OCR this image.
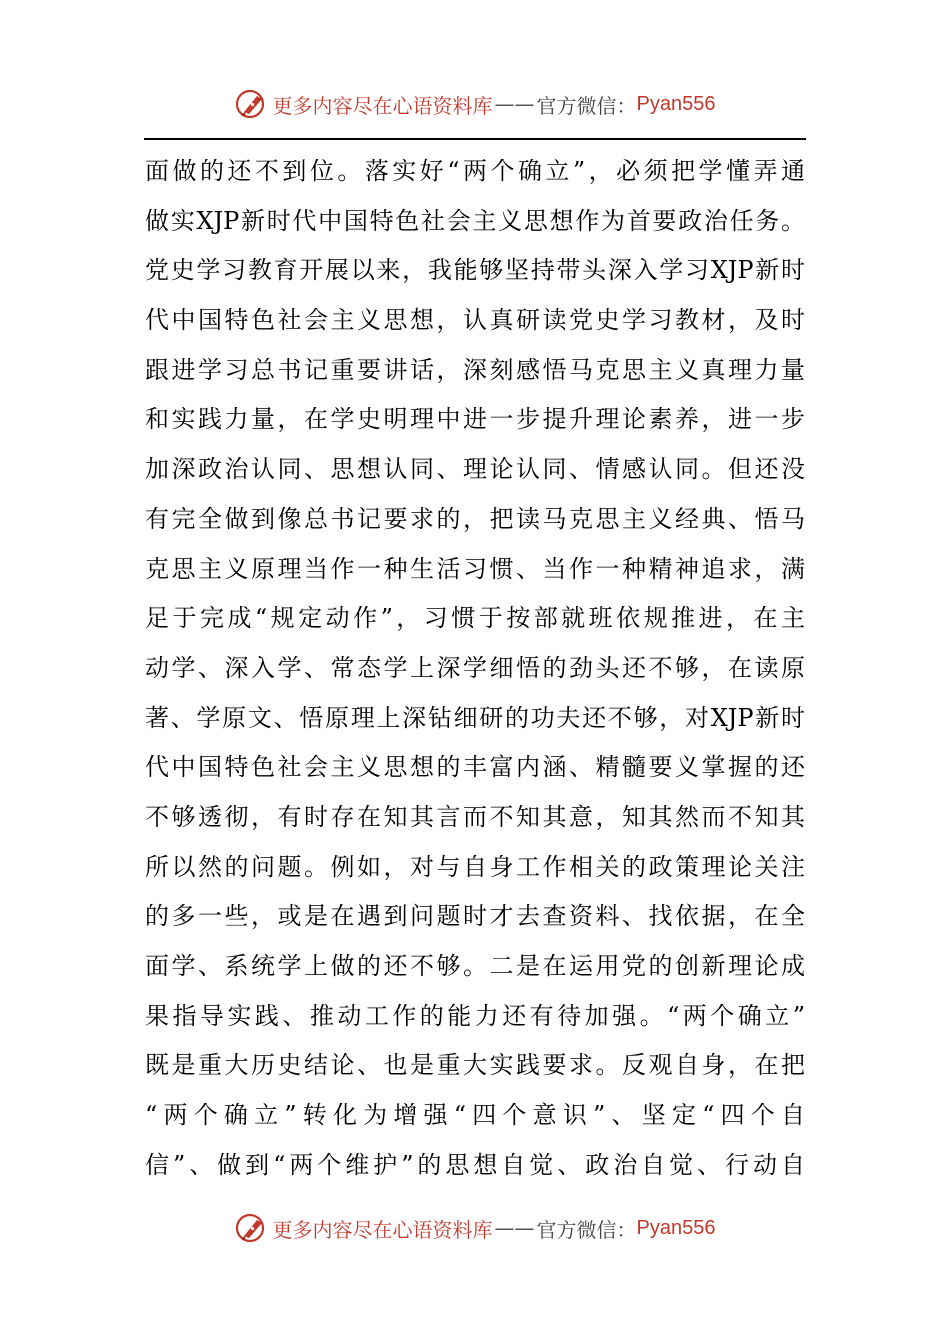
更多内容尽在心语资料库 —— 官方微信： Pyan556
面做的还不到位。落实好“两个确立”，必须把学懂弄通
做实XJP新时代中国特色社会主义思想作为首要政治任务。
党史学习教育开展以来，我能够坚持带头深入学习XJP新时
代中国特色社会主义思想，认真研读党史学习教材，及时
跟进学习总书记重要讲话，深刻感悟马克思主义真理力量
和实践力量，在学史明理中进一步提升理论素养，进一步
加深政治认同、思想认同、理论认同、情感认同。但还没
有完全做到像总书记要求的，把读马克思主义经典、悟马
克思主义原理当作一种生活习惯、当作一种精神追求，满
足于完成“规定动作”，习惯于按部就班依规推进，在主
动学、深入学、常态学上深学细悟的劲头还不够，在读原
著、学原文、悟原理上深钻细研的功夫还不够，对XJP新时
代中国特色社会主义思想的丰富内涵、精髓要义掌握的还
不够透彻，有时存在知其言而不知其意，知其然而不知其
所以然的问题。例如，对与自身工作相关的政策理论关注
的多一些，或是在遇到问题时才去查资料、找依据，在全
面学、系统学上做的还不够。二是在运用党的创新理论成
果指导实践、推动工作的能力还有待加强。“两个确立”
既是重大历史结论、也是重大实践要求。反观自身，在把
“两个确立”转化为增强“四个意识”、坚定“四个自
信”、做到“两个维护”的思想自觉、政治自觉、行动自
更多内容尽在心语资料库 —— 官方微信： Pyan556
